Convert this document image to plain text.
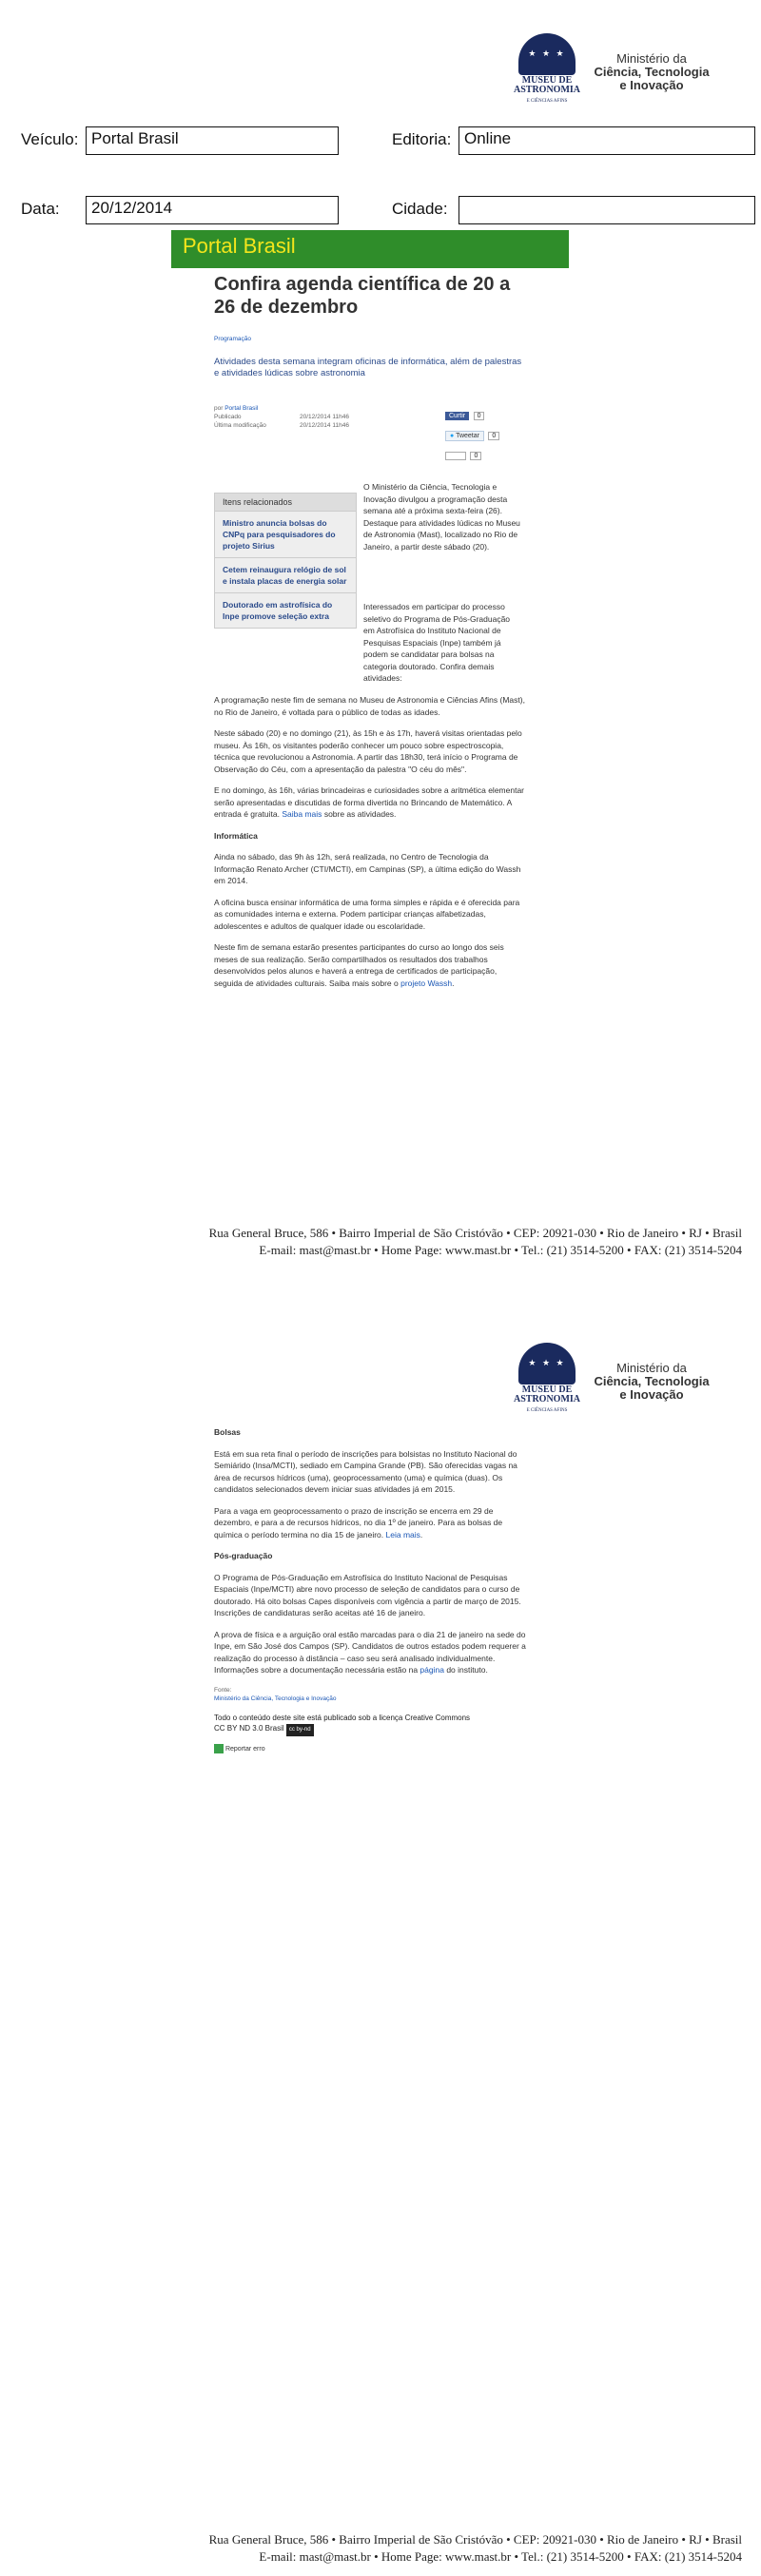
★ ★ ★
MUSEU DE
ASTRONOMIA
E CIÊNCIAS AFINS
Ministério da
Ciência, Tecnologia
e Inovação
Veículo: Portal Brasil	Editoria: Online
Data:	20/12/2014	Cidade:
Portal Brasil
Confira agenda científica de 20 a 26 de dezembro
Programação
Atividades desta semana integram oficinas de informática, além de palestras e atividades lúdicas sobre astronomia
por Portal Brasil
Publicado	20/12/2014 11h46
Última modificação	20/12/2014 11h46
Curtir 0
● Tweetar 0
0
Itens relacionados
Ministro anuncia bolsas do CNPq para pesquisadores do projeto Sirius
Cetem reinaugura relógio de sol e instala placas de energia solar
Doutorado em astrofísica do Inpe promove seleção extra
O Ministério da Ciência, Tecnologia e Inovação divulgou a programação desta semana até a próxima sexta-feira (26). Destaque para atividades lúdicas no Museu de Astronomia (Mast), localizado no Rio de Janeiro, a partir deste sábado (20).
Interessados em participar do processo seletivo do Programa de Pós-Graduação em Astrofísica do Instituto Nacional de Pesquisas Espaciais (Inpe) também já podem se candidatar para bolsas na categoria doutorado. Confira demais atividades:

A programação neste fim de semana no Museu de Astronomia e Ciências Afins (Mast), no Rio de Janeiro, é voltada para o público de todas as idades.

Neste sábado (20) e no domingo (21), às 15h e às 17h, haverá visitas orientadas pelo museu. Às 16h, os visitantes poderão conhecer um pouco sobre espectroscopia, técnica que revolucionou a Astronomia. A partir das 18h30, terá início o Programa de Observação do Céu, com a apresentação da palestra "O céu do mês".

E no domingo, às 16h, várias brincadeiras e curiosidades sobre a aritmética elementar serão apresentadas e discutidas de forma divertida no Brincando de Matemático. A entrada é gratuita. Saiba mais sobre as atividades.

Informática

Ainda no sábado, das 9h às 12h, será realizada, no Centro de Tecnologia da Informação Renato Archer (CTI/MCTI), em Campinas (SP), a última edição do Wassh em 2014.

A oficina busca ensinar informática de uma forma simples e rápida e é oferecida para as comunidades interna e externa. Podem participar crianças alfabetizadas, adolescentes e adultos de qualquer idade ou escolaridade.

Neste fim de semana estarão presentes participantes do curso ao longo dos seis meses de sua realização. Serão compartilhados os resultados dos trabalhos desenvolvidos pelos alunos e haverá a entrega de certificados de participação, seguida de atividades culturais. Saiba mais sobre o projeto Wassh.

Rua General Bruce, 586 • Bairro Imperial de São Cristóvão • CEP: 20921-030 • Rio de Janeiro • RJ • Brasil
E-mail: mast@mast.br • Home Page: www.mast.br • Tel.: (21) 3514-5200 • FAX: (21) 3514-5204
★ ★ ★
MUSEU DE
ASTRONOMIA
E CIÊNCIAS AFINS
Ministério da
Ciência, Tecnologia
e Inovação

Bolsas

Está em sua reta final o período de inscrições para bolsistas no Instituto Nacional do Semiárido (Insa/MCTI), sediado em Campina Grande (PB). São oferecidas vagas na área de recursos hídricos (uma), geoprocessamento (uma) e química (duas). Os candidatos selecionados devem iniciar suas atividades já em 2015.

Para a vaga em geoprocessamento o prazo de inscrição se encerra em 29 de dezembro, e para a de recursos hídricos, no dia 1º de janeiro. Para as bolsas de química o período termina no dia 15 de janeiro. Leia mais.

Pós-graduação

O Programa de Pós-Graduação em Astrofísica do Instituto Nacional de Pesquisas Espaciais (Inpe/MCTI) abre novo processo de seleção de candidatos para o curso de doutorado. Há oito bolsas Capes disponíveis com vigência a partir de março de 2015. Inscrições de candidaturas serão aceitas até 16 de janeiro.

A prova de física e a arguição oral estão marcadas para o dia 21 de janeiro na sede do Inpe, em São José dos Campos (SP). Candidatos de outros estados podem requerer a realização do processo à distância – caso seu será analisado individualmente. Informações sobre a documentação necessária estão na página do instituto.

Fonte:
Ministério da Ciência, Tecnologia e Inovação
Todo o conteúdo deste site está publicado sob a licença Creative Commons
CC BY ND 3.0 Brasil cc by-nd
Reportar erro
Rua General Bruce, 586 • Bairro Imperial de São Cristóvão • CEP: 20921-030 • Rio de Janeiro • RJ • Brasil
E-mail: mast@mast.br • Home Page: www.mast.br • Tel.: (21) 3514-5200 • FAX: (21) 3514-5204
